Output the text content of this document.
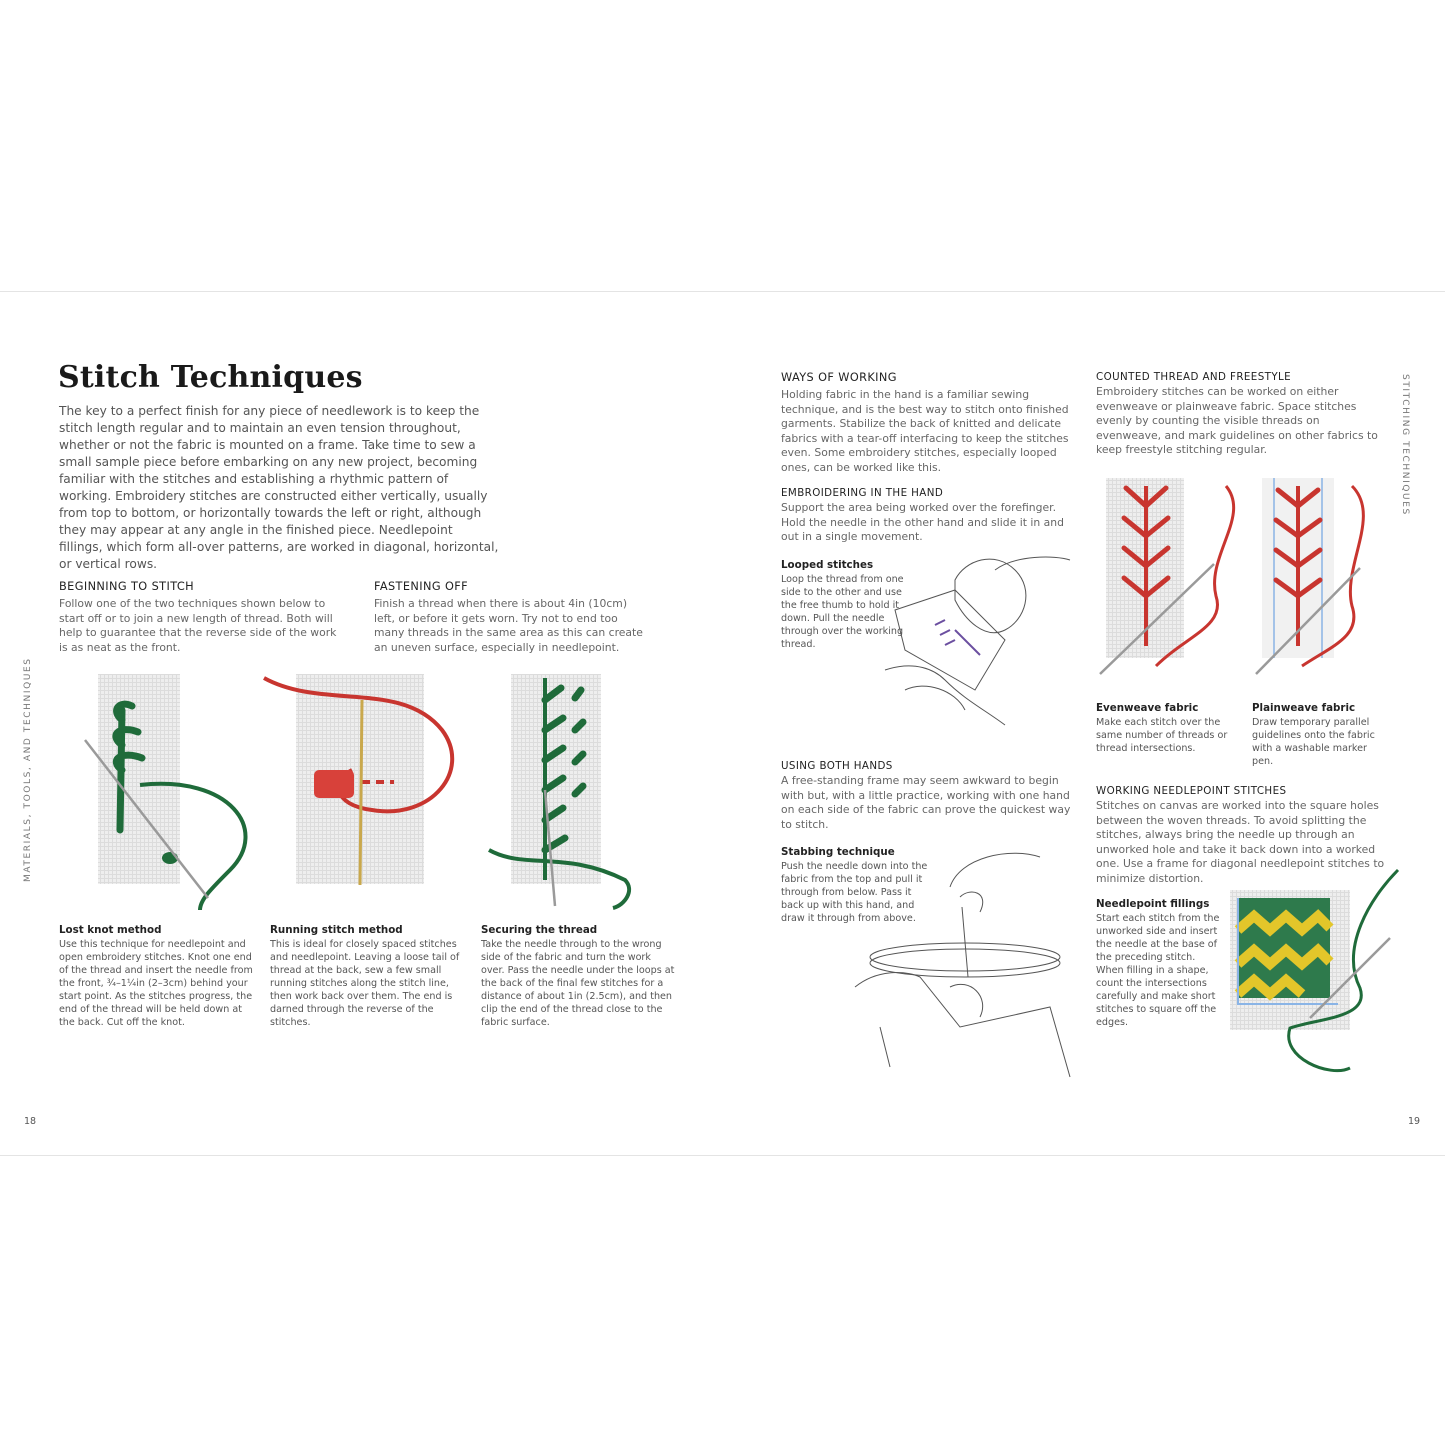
MATERIALS, TOOLS, AND TECHNIQUES
Stitch Techniques
The key to a perfect finish for any piece of needlework is to keep the stitch length regular and to maintain an even tension throughout, whether or not the fabric is mounted on a frame. Take time to sew a small sample piece before embarking on any new project, becoming familiar with the stitches and establishing a rhythmic pattern of working. Embroidery stitches are constructed either vertically, usually from top to bottom, or horizontally towards the left or right, although they may appear at any angle in the finished piece. Needlepoint fillings, which form all-over patterns, are worked in diagonal, horizontal, or vertical rows.
BEGINNING TO STITCH
Follow one of the two techniques shown below to start off or to join a new length of thread. Both will help to guarantee that the reverse side of the work is as neat as the front.
FASTENING OFF
Finish a thread when there is about 4in (10cm) left, or before it gets worn. Try not to end too many threads in the same area as this can create an uneven surface, especially in needlepoint.
Lost knot method
Use this technique for needlepoint and open embroidery stitches. Knot one end of the thread and insert the needle from the front, ¾–1¼in (2–3cm) behind your start point. As the stitches progress, the end of the thread will be held down at the back. Cut off the knot.
Running stitch method
This is ideal for closely spaced stitches and needlepoint. Leaving a loose tail of thread at the back, sew a few small running stitches along the stitch line, then work back over them. The end is darned through the reverse of the stitches.
Securing the thread
Take the needle through to the wrong side of the fabric and turn the work over. Pass the needle under the loops at the back of the final few stitches for a distance of about 1in (2.5cm), and then clip the end of the thread close to the fabric surface.
18
WAYS OF WORKING
Holding fabric in the hand is a familiar sewing technique, and is the best way to stitch onto finished garments. Stabilize the back of knitted and delicate fabrics with a tear-off interfacing to keep the stitches even. Some embroidery stitches, especially looped ones, can be worked like this.
EMBROIDERING IN THE HAND
Support the area being worked over the forefinger. Hold the needle in the other hand and slide it in and out in a single movement.
Looped stitches
Loop the thread from one side to the other and use the free thumb to hold it down. Pull the needle through over the working thread.
USING BOTH HANDS
A free-standing frame may seem awkward to begin with but, with a little practice, working with one hand on each side of the fabric can prove the quickest way to stitch.
Stabbing technique
Push the needle down into the fabric from the top and pull it through from below. Pass it back up with this hand, and draw it through from above.
COUNTED THREAD AND FREESTYLE
Embroidery stitches can be worked on either evenweave or plainweave fabric. Space stitches evenly by counting the visible threads on evenweave, and mark guidelines on other fabrics to keep freestyle stitching regular.
Evenweave fabric
Make each stitch over the same number of threads or thread intersections.
Plainweave fabric
Draw temporary parallel guidelines onto the fabric with a washable marker pen.
WORKING NEEDLEPOINT STITCHES
Stitches on canvas are worked into the square holes between the woven threads. To avoid splitting the stitches, always bring the needle up through an unworked hole and take it back down into a worked one. Use a frame for diagonal needlepoint stitches to minimize distortion.
Needlepoint fillings
Start each stitch from the unworked side and insert the needle at the base of the preceding stitch. When filling in a shape, count the intersections carefully and make short stitches to square off the edges.
STITCHING TECHNIQUES
19
